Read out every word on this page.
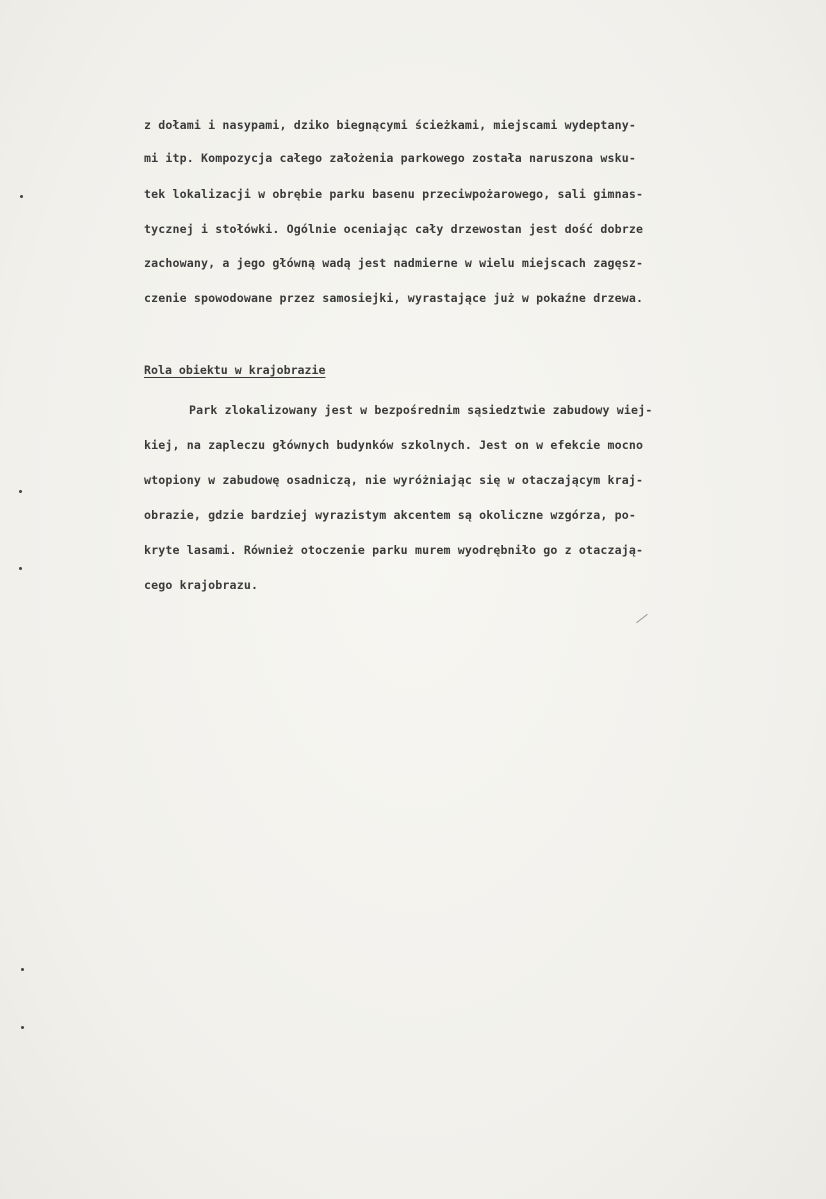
z dołami i nasypami, dziko biegnącymi ścieżkami, miejscami wydeptany-
mi itp. Kompozycja całego założenia parkowego została naruszona wsku-
tek lokalizacji w obrębie parku basenu przeciwpożarowego, sali gimnas-
tycznej i stołówki. Ogólnie oceniając cały drzewostan jest dość dobrze
zachowany, a jego główną wadą jest nadmierne w wielu miejscach zagęsz-
czenie spowodowane przez samosiejki, wyrastające już w pokaźne drzewa.
Rola obiektu w krajobrazie
Park zlokalizowany jest w bezpośrednim sąsiedztwie zabudowy wiej-
kiej, na zapleczu głównych budynków szkolnych. Jest on w efekcie mocno
wtopiony w zabudowę osadniczą, nie wyróżniając się w otaczającym kraj-
obrazie, gdzie bardziej wyrazistym akcentem są okoliczne wzgórza, po-
kryte lasami. Również otoczenie parku murem wyodrębniło go z otaczają-
cego krajobrazu.
